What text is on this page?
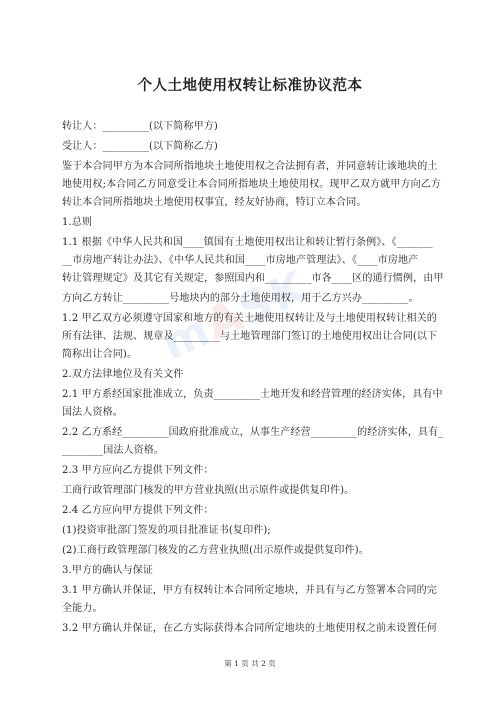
个人土地使用权转让标准协议范本
mASK
转让人：_________(以下简称甲方)
受让人：_________(以下简称乙方)
鉴于本合同甲方为本合同所指地块土地使用权之合法拥有者，并同意转让该地块的土
地使用权;本合同乙方同意受让本合同所指地块土地使用权。现甲乙双方就甲方向乙方
转让本合同所指地块土地使用权事宜，经友好协商，特订立本合同。
1.总则
1.1 根据《中华人民共和国____镇国有土地使用权出让和转让暂行条例》、《_______
__市房地产转让办法》、《中华人民共和国____市房地产管理法》、《____市房地产
转让管理规定》及其它有关规定，参照国内和_________市各____区的通行惯例，由甲
方向乙方转让_________号地块内的部分土地使用权，用于乙方兴办_________。
1.2 甲乙双方必须遵守国家和地方的有关土地使用权转让及与土地使用权转让相关的
所有法律、法规、规章及_________与土地管理部门签订的土地使用权出让合同(以下
简称出让合同)。
2.双方法律地位及有关文件
2.1 甲方系经国家批准成立，负责_________土地开发和经营管理的经济实体，具有中
国法人资格。
2.2 乙方系经_________国政府批准成立，从事生产经营_________的经济实体，具有_
________国法人资格。
2.3 甲方应向乙方提供下列文件：
工商行政管理部门核发的甲方营业执照(出示原件或提供复印件)。
2.4 乙方应向甲方提供下列文件：
(1)投资审批部门签发的项目批准证书(复印件);
(2)工商行政管理部门核发的乙方营业执照(出示原件或提供复印件)。
3.甲方的确认与保证
3.1 甲方确认并保证，甲方有权转让本合同所定地块，并具有与乙方签署本合同的完
全能力。
3.2 甲方确认并保证，在乙方实际获得本合同所定地块的土地使用权之前未设置任何
第 1 页 共 2 页
